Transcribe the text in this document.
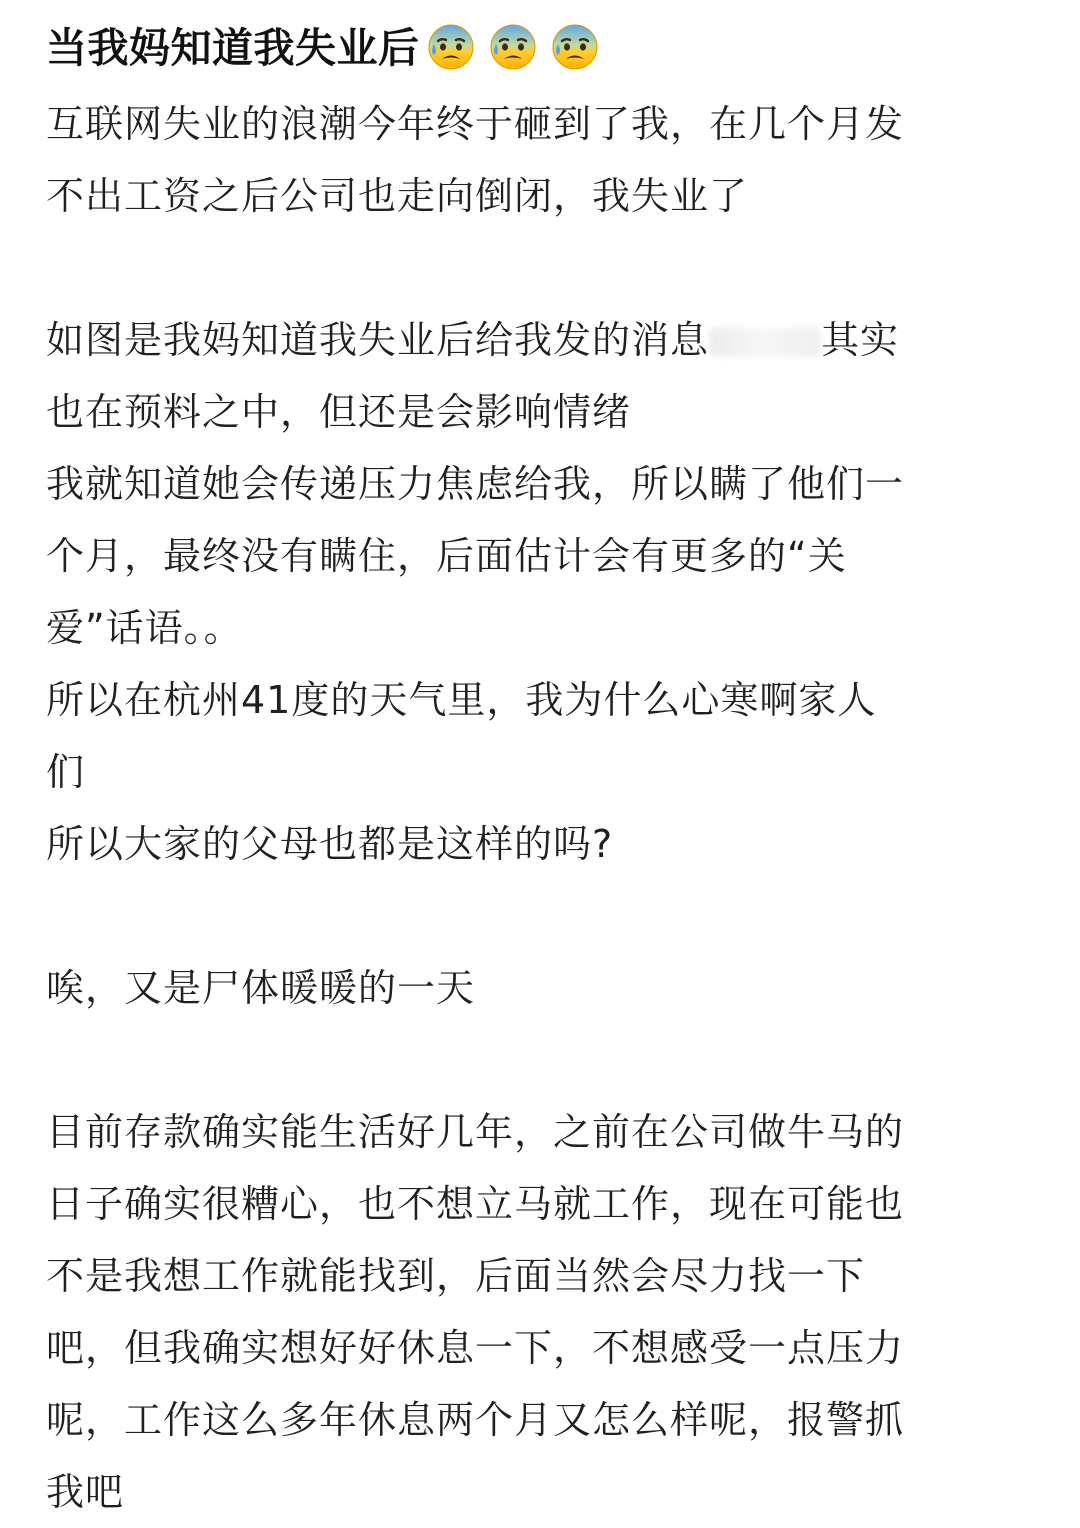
当我妈知道我失业后
互联网失业的浪潮今年终于砸到了我，在几个月发
不出工资之后公司也走向倒闭，我失业了
如图是我妈知道我失业后给我发的消息	其实
也在预料之中，但还是会影响情绪
我就知道她会传递压力焦虑给我，所以瞒了他们一
个月，最终没有瞒住，后面估计会有更多的“关
爱”话语。。
所以在杭州41度的天气里，我为什么心寒啊家人
们
所以大家的父母也都是这样的吗?
唉，又是尸体暖暖的一天
目前存款确实能生活好几年，之前在公司做牛马的
日子确实很糟心，也不想立马就工作，现在可能也
不是我想工作就能找到，后面当然会尽力找一下
吧，但我确实想好好休息一下，不想感受一点压力
呢，工作这么多年休息两个月又怎么样呢，报警抓
我吧
